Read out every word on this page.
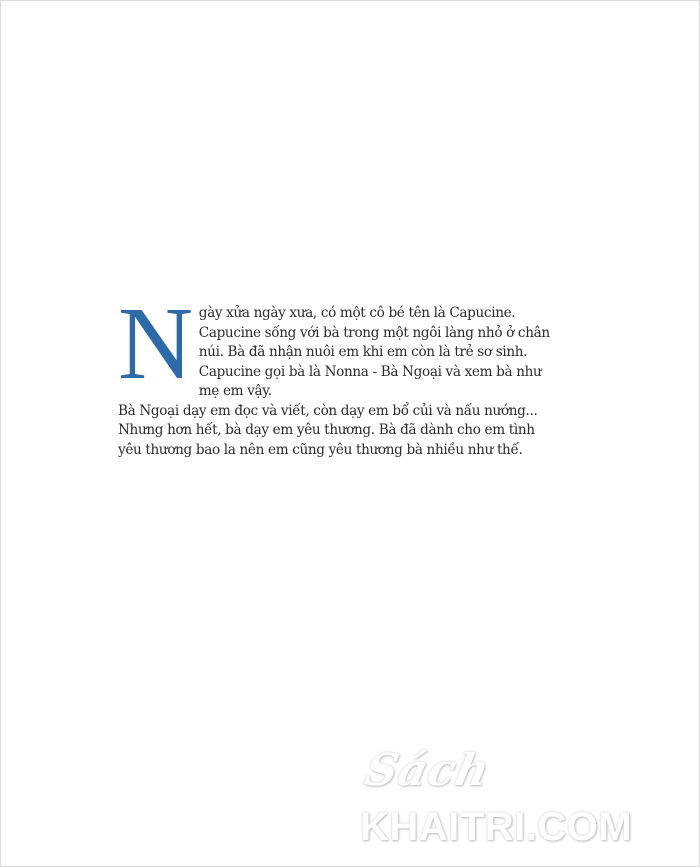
N gày xửa ngày xưa, có một cô bé tên là Capucine.
Capucine sống với bà trong một ngôi làng nhỏ ở chân
núi. Bà đã nhận nuôi em khi em còn là trẻ sơ sinh.
Capucine gọi bà là Nonna - Bà Ngoại và xem bà như
mẹ em vậy.
Bà Ngoại dạy em đọc và viết, còn dạy em bổ củi và nấu nướng...
Nhưng hơn hết, bà dạy em yêu thương. Bà đã dành cho em tình
yêu thương bao la nên em cũng yêu thương bà nhiều như thế.
Sách
KHAITRI.COM
